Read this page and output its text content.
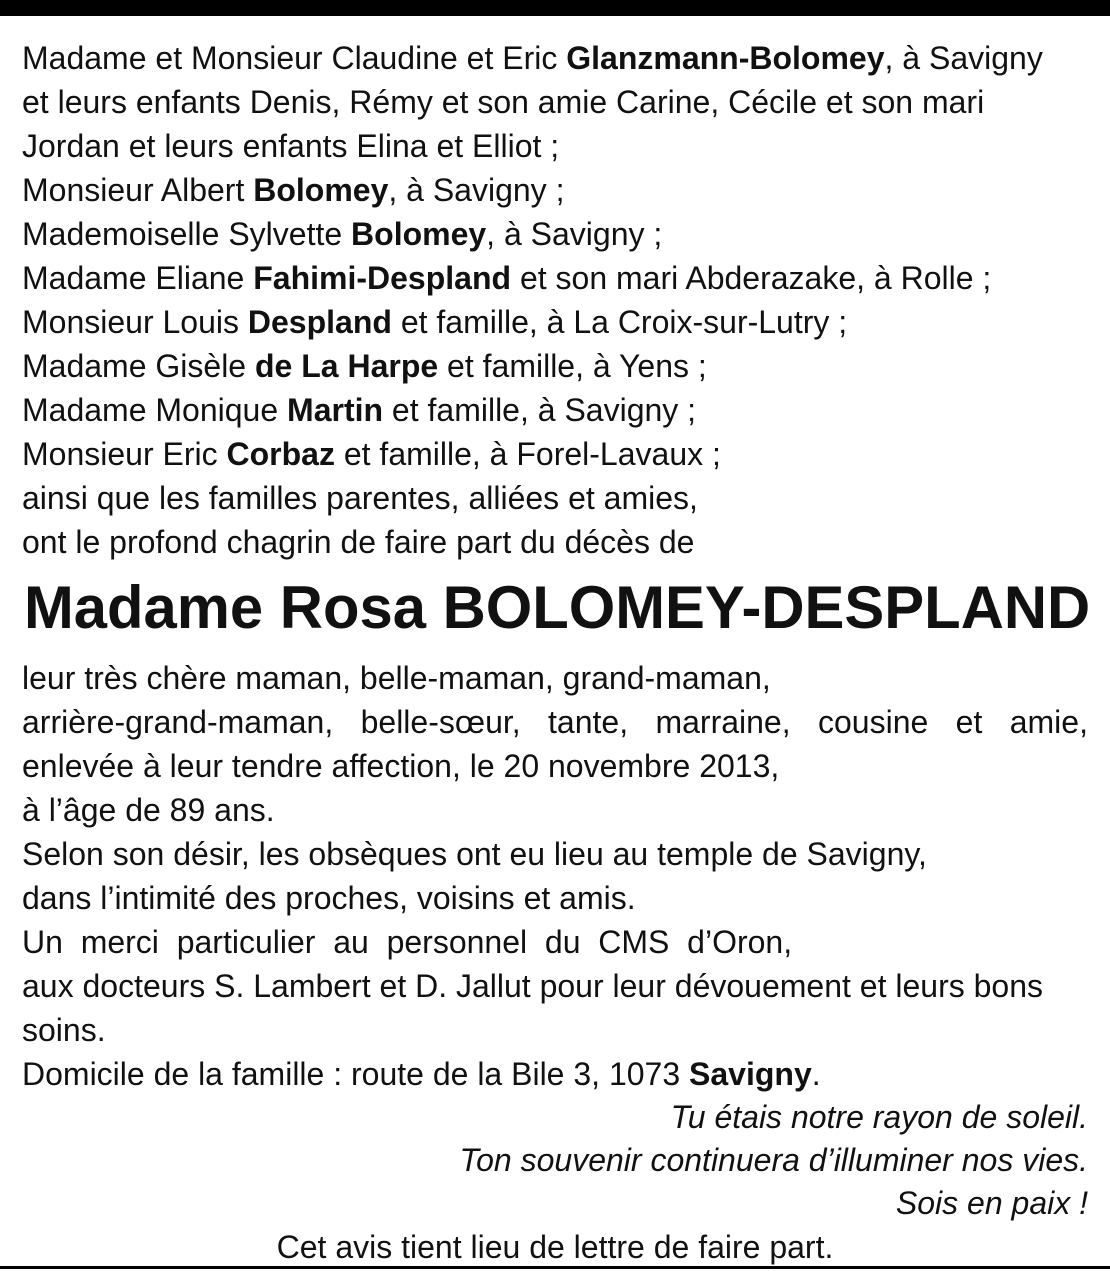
Madame et Monsieur Claudine et Eric Glanzmann-Bolomey, à Savigny
et leurs enfants Denis, Rémy et son amie Carine, Cécile et son mari
Jordan et leurs enfants Elina et Elliot ;
Monsieur Albert Bolomey, à Savigny ;
Mademoiselle Sylvette Bolomey, à Savigny ;
Madame Eliane Fahimi-Despland et son mari Abderazake, à Rolle ;
Monsieur Louis Despland et famille, à La Croix-sur-Lutry ;
Madame Gisèle de La Harpe et famille, à Yens ;
Madame Monique Martin et famille, à Savigny ;
Monsieur Eric Corbaz et famille, à Forel-Lavaux ;
ainsi que les familles parentes, alliées et amies,
ont le profond chagrin de faire part du décès de
Madame Rosa BOLOMEY-DESPLAND
leur très chère maman, belle-maman, grand-maman,
arrière-grand-maman, belle-sœur, tante, marraine, cousine et amie,
enlevée à leur tendre affection, le 20 novembre 2013,
à l’âge de 89 ans.
Selon son désir, les obsèques ont eu lieu au temple de Savigny,
dans l’intimité des proches, voisins et amis.
Un  merci  particulier  au  personnel  du  CMS  d’Oron,
aux docteurs S. Lambert et D. Jallut pour leur dévouement et leurs bons
soins.
Domicile de la famille : route de la Bile 3, 1073 Savigny.
Tu étais notre rayon de soleil.
Ton souvenir continuera d’illuminer nos vies.
Sois en paix !
Cet avis tient lieu de lettre de faire part.
